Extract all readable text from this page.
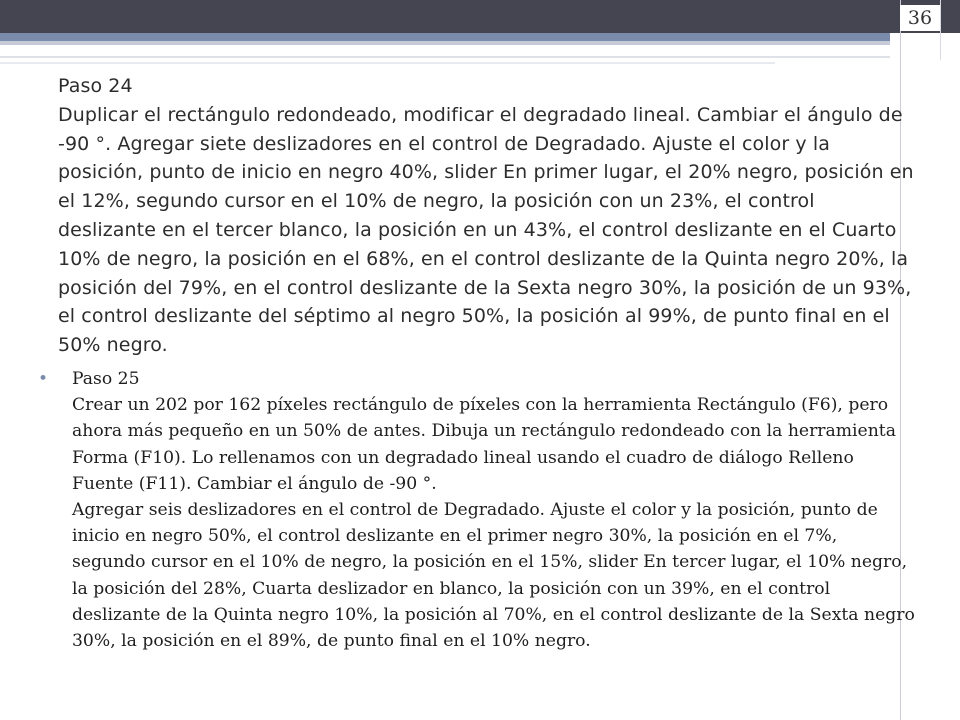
36
Paso 24
Duplicar el rectángulo redondeado, modificar el degradado lineal. Cambiar el ángulo de -90 °. Agregar siete deslizadores en el control de Degradado. Ajuste el color y la posición, punto de inicio en negro 40%, slider En primer lugar, el 20% negro, posición en el 12%, segundo cursor en el 10% de negro, la posición con un 23%, el control deslizante en el tercer blanco, la posición en un 43%, el control deslizante en el Cuarto 10% de negro, la posición en el 68%, en el control deslizante de la Quinta negro 20%, la posición del 79%, en el control deslizante de la Sexta negro 30%, la posición de un 93%, el control deslizante del séptimo al negro 50%, la posición al 99%, de punto final en el 50% negro.
• Paso 25
Crear un 202 por 162 píxeles rectángulo de píxeles con la herramienta Rectángulo (F6), pero ahora más pequeño en un 50% de antes. Dibuja un rectángulo redondeado con la herramienta Forma (F10). Lo rellenamos con un degradado lineal usando el cuadro de diálogo Relleno Fuente (F11). Cambiar el ángulo de -90 °.
Agregar seis deslizadores en el control de Degradado. Ajuste el color y la posición, punto de inicio en negro 50%, el control deslizante en el primer negro 30%, la posición en el 7%, segundo cursor en el 10% de negro, la posición en el 15%, slider En tercer lugar, el 10% negro, la posición del 28%, Cuarta deslizador en blanco, la posición con un 39%, en el control deslizante de la Quinta negro 10%, la posición al 70%, en el control deslizante de la Sexta negro 30%, la posición en el 89%, de punto final en el 10% negro.
